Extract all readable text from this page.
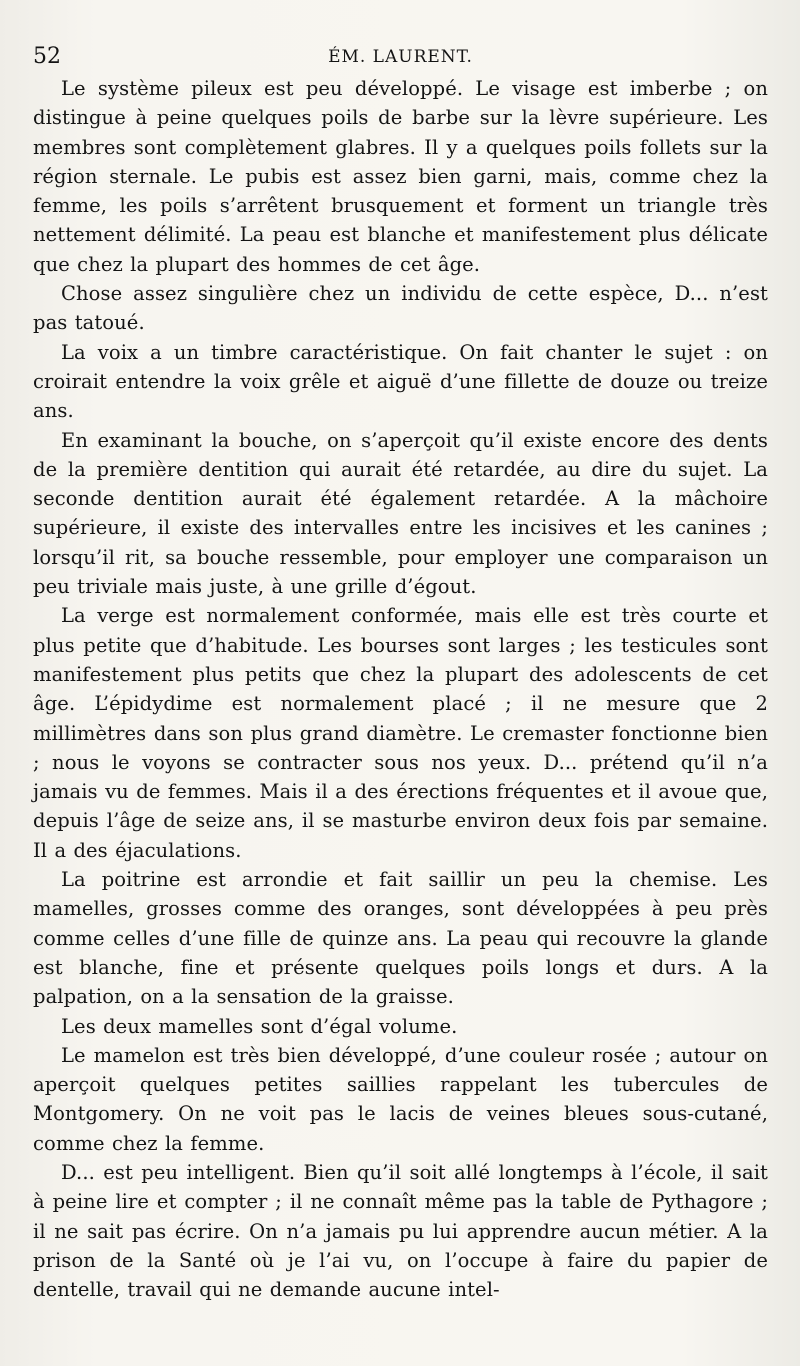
52	ÉM. LAURENT.

Le système pileux est peu développé. Le visage est imberbe ; on distingue à peine quelques poils de barbe sur la lèvre supérieure. Les membres sont complètement glabres. Il y a quelques poils follets sur la région sternale. Le pubis est assez bien garni, mais, comme chez la femme, les poils s’arrêtent brusquement et forment un triangle très nettement délimité. La peau est blanche et manifestement plus délicate que chez la plupart des hommes de cet âge.

Chose assez singulière chez un individu de cette espèce, D... n’est pas tatoué.

La voix a un timbre caractéristique. On fait chanter le sujet : on croirait entendre la voix grêle et aiguë d’une fillette de douze ou treize ans.

En examinant la bouche, on s’aperçoit qu’il existe encore des dents de la première dentition qui aurait été retardée, au dire du sujet. La seconde dentition aurait été également retardée. A la mâchoire supérieure, il existe des intervalles entre les incisives et les canines ; lorsqu’il rit, sa bouche ressemble, pour employer une comparaison un peu triviale mais juste, à une grille d’égout.

La verge est normalement conformée, mais elle est très courte et plus petite que d’habitude. Les bourses sont larges ; les testicules sont manifestement plus petits que chez la plupart des adolescents de cet âge. L’épidydime est normalement placé ; il ne mesure que 2 millimètres dans son plus grand diamètre. Le cremaster fonctionne bien ; nous le voyons se contracter sous nos yeux. D... prétend qu’il n’a jamais vu de femmes. Mais il a des érections fréquentes et il avoue que, depuis l’âge de seize ans, il se masturbe environ deux fois par semaine. Il a des éjaculations.

La poitrine est arrondie et fait saillir un peu la chemise. Les mamelles, grosses comme des oranges, sont développées à peu près comme celles d’une fille de quinze ans. La peau qui recouvre la glande est blanche, fine et présente quelques poils longs et durs. A la palpation, on a la sensation de la graisse.

Les deux mamelles sont d’égal volume.

Le mamelon est très bien développé, d’une couleur rosée ; autour on aperçoit quelques petites saillies rappelant les tubercules de Montgomery. On ne voit pas le lacis de veines bleues sous-cutané, comme chez la femme.

D... est peu intelligent. Bien qu’il soit allé longtemps à l’école, il sait à peine lire et compter ; il ne connaît même pas la table de Pythagore ; il ne sait pas écrire. On n’a jamais pu lui apprendre aucun métier. A la prison de la Santé où je l’ai vu, on l’occupe à faire du papier de dentelle, travail qui ne demande aucune intel-
